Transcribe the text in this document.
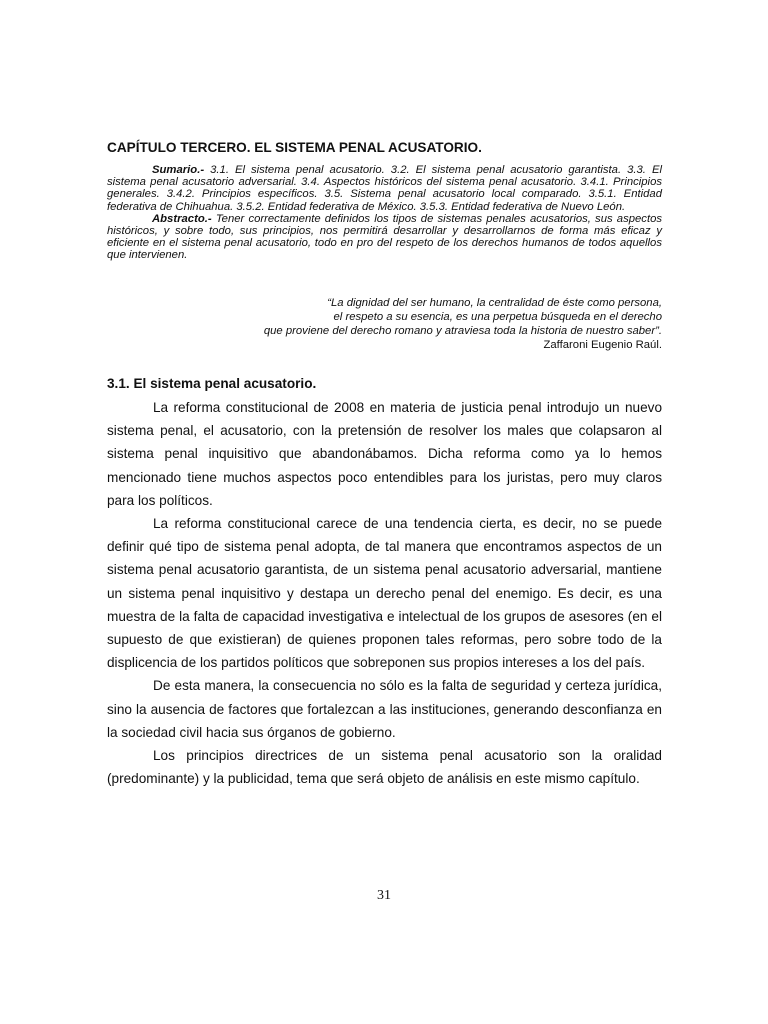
CAPÍTULO TERCERO. EL SISTEMA PENAL ACUSATORIO.

Sumario.- 3.1. El sistema penal acusatorio. 3.2. El sistema penal acusatorio garantista. 3.3. El sistema penal acusatorio adversarial. 3.4. Aspectos históricos del sistema penal acusatorio. 3.4.1. Principios generales. 3.4.2. Principios específicos. 3.5. Sistema penal acusatorio local comparado. 3.5.1. Entidad federativa de Chihuahua. 3.5.2. Entidad federativa de México. 3.5.3. Entidad federativa de Nuevo León.

Abstracto.- Tener correctamente definidos los tipos de sistemas penales acusatorios, sus aspectos históricos, y sobre todo, sus principios, nos permitirá desarrollar y desarrollarnos de forma más eficaz y eficiente en el sistema penal acusatorio, todo en pro del respeto de los derechos humanos de todos aquellos que intervienen.

“La dignidad del ser humano, la centralidad de éste como persona,
el respeto a su esencia, es una perpetua búsqueda en el derecho
que proviene del derecho romano y atraviesa toda la historia de nuestro saber”.
Zaffaroni Eugenio Raúl.
3.1. El sistema penal acusatorio.

La reforma constitucional de 2008 en materia de justicia penal introdujo un nuevo sistema penal, el acusatorio, con la pretensión de resolver los males que colapsaron al sistema penal inquisitivo que abandonábamos. Dicha reforma como ya lo hemos mencionado tiene muchos aspectos poco entendibles para los juristas, pero muy claros para los políticos.

La reforma constitucional carece de una tendencia cierta, es decir, no se puede definir qué tipo de sistema penal adopta, de tal manera que encontramos aspectos de un sistema penal acusatorio garantista, de un sistema penal acusatorio adversarial, mantiene un sistema penal inquisitivo y destapa un derecho penal del enemigo. Es decir, es una muestra de la falta de capacidad investigativa e intelectual de los grupos de asesores (en el supuesto de que existieran) de quienes proponen tales reformas, pero sobre todo de la displicencia de los partidos políticos que sobreponen sus propios intereses a los del país.

De esta manera, la consecuencia no sólo es la falta de seguridad y certeza jurídica, sino la ausencia de factores que fortalezcan a las instituciones, generando desconfianza en la sociedad civil hacia sus órganos de gobierno.

Los principios directrices de un sistema penal acusatorio son la oralidad (predominante) y la publicidad, tema que será objeto de análisis en este mismo capítulo.

31
